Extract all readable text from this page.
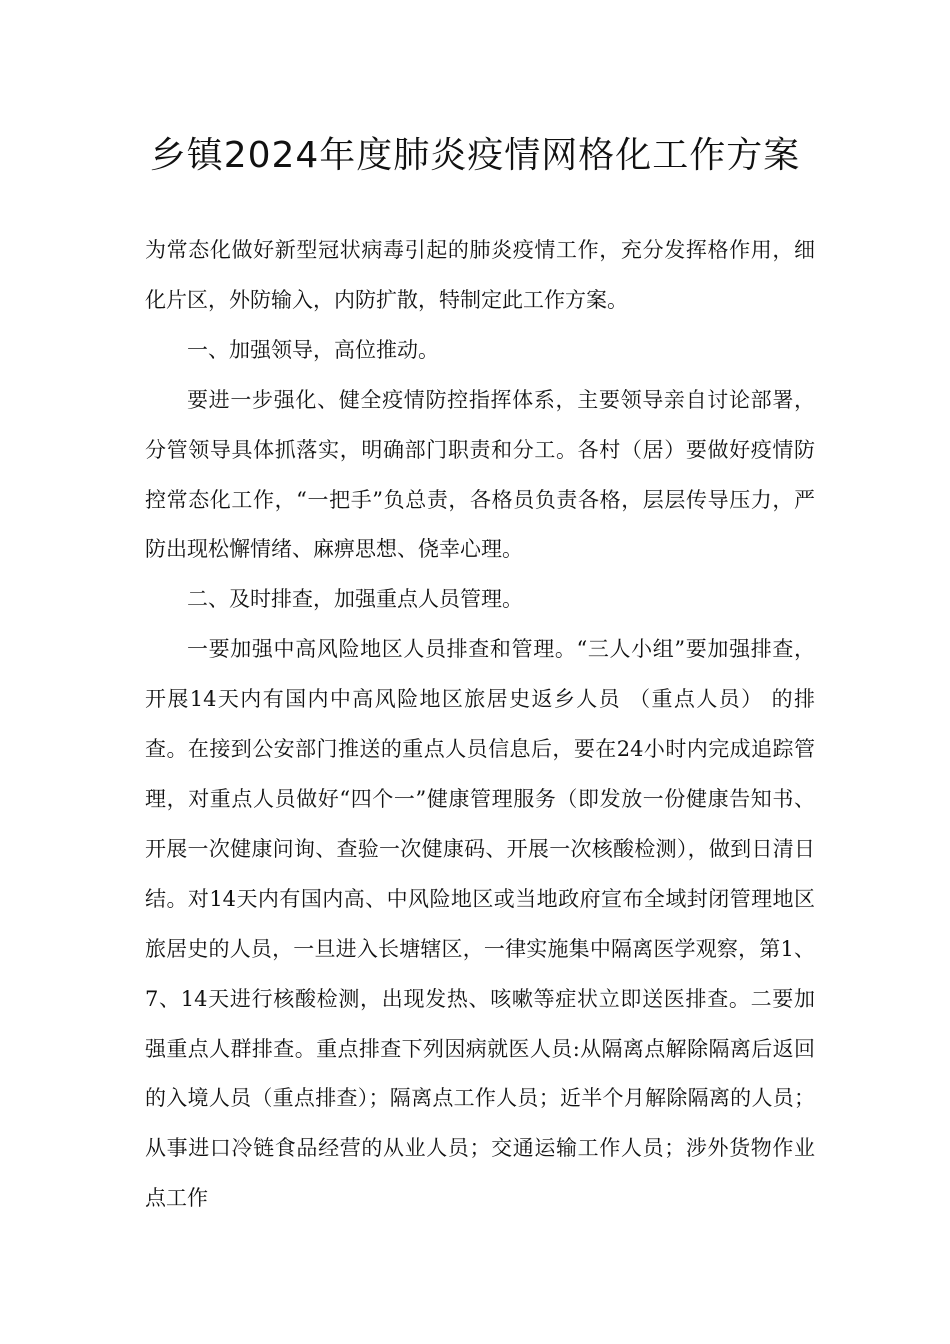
乡镇2024年度肺炎疫情网格化工作方案

为常态化做好新型冠状病毒引起的肺炎疫情工作，充分发挥格作用，细化片区，外防输入，内防扩散，特制定此工作方案。

一、加强领导，高位推动。

要进一步强化、健全疫情防控指挥体系，主要领导亲自讨论部署，分管领导具体抓落实，明确部门职责和分工。各村（居）要做好疫情防控常态化工作，“一把手”负总责，各格员负责各格，层层传导压力，严防出现松懈情绪、麻痹思想、侥幸心理。

二、及时排查，加强重点人员管理。

一要加强中高风险地区人员排查和管理。“三人小组”要加强排查，开展14天内有国内中高风险地区旅居史返乡人员 （重点人员） 的排查。在接到公安部门推送的重点人员信息后，要在24小时内完成追踪管理，对重点人员做好“四个一”健康管理服务（即发放一份健康告知书、开展一次健康问询、查验一次健康码、开展一次核酸检测），做到日清日结。对14天内有国内高、中风险地区或当地政府宣布全域封闭管理地区旅居史的人员，一旦进入长塘辖区，一律实施集中隔离医学观察，第1、7、14天进行核酸检测，出现发热、咳嗽等症状立即送医排查。二要加强重点人群排查。重点排查下列因病就医人员:从隔离点解除隔离后返回的入境人员（重点排查）；隔离点工作人员；近半个月解除隔离的人员；从事进口冷链食品经营的从业人员；交通运输工作人员；涉外货物作业点工作
